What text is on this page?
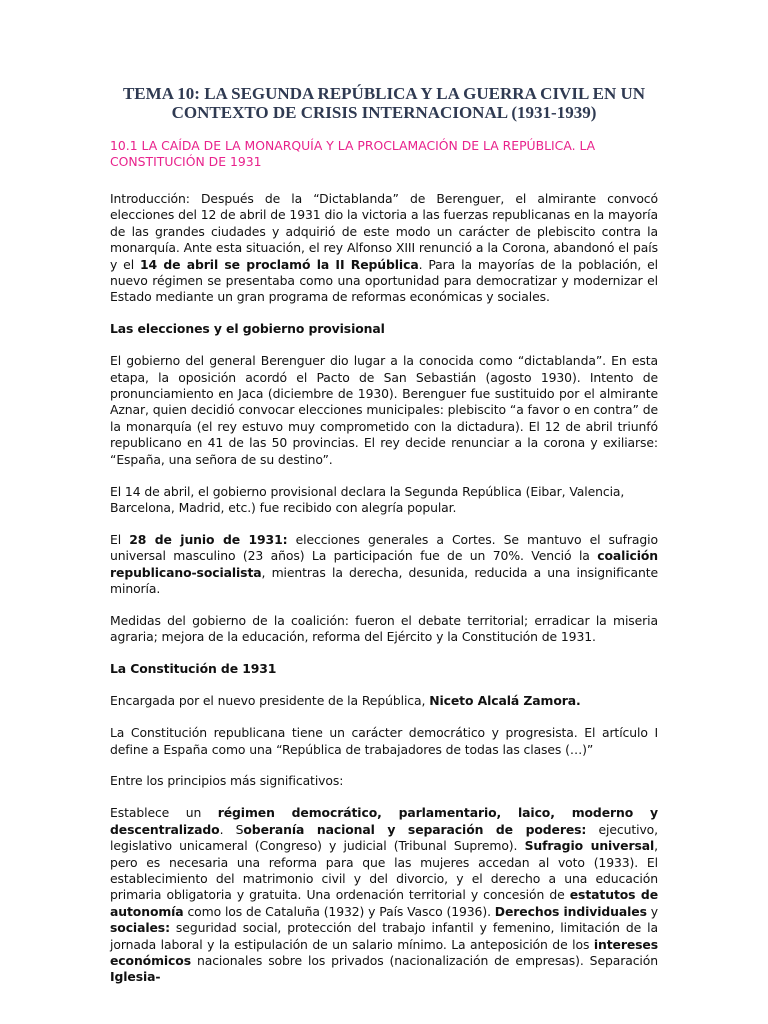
TEMA 10: LA SEGUNDA REPÚBLICA Y LA GUERRA CIVIL EN UN
CONTEXTO DE CRISIS INTERNACIONAL (1931-1939)
10.1 LA CAÍDA DE LA MONARQUÍA Y LA PROCLAMACIÓN DE LA REPÚBLICA. LA
CONSTITUCIÓN DE 1931

Introducción: Después de la “Dictablanda” de Berenguer, el almirante convocó elecciones del 12 de abril de 1931 dio la victoria a las fuerzas republicanas en la mayoría de las grandes ciudades y adquirió de este modo un carácter de plebiscito contra la monarquía. Ante esta situación, el rey Alfonso XIII renunció a la Corona, abandonó el país y el 14 de abril se proclamó la II República. Para la mayorías de la población, el nuevo régimen se presentaba como una oportunidad para democratizar y modernizar el Estado mediante un gran programa de reformas económicas y sociales.

Las elecciones y el gobierno provisional

El gobierno del general Berenguer dio lugar a la conocida como “dictablanda”. En esta etapa, la oposición acordó el Pacto de San Sebastián (agosto 1930). Intento de pronunciamiento en Jaca (diciembre de 1930). Berenguer fue sustituido por el almirante Aznar, quien decidió convocar elecciones municipales: plebiscito “a favor o en contra” de la monarquía (el rey estuvo muy comprometido con la dictadura). El 12 de abril triunfó republicano en 41 de las 50 provincias. El rey decide renunciar a la corona y exiliarse: “España, una señora de su destino”.

El 14 de abril, el gobierno provisional declara la Segunda República (Eibar, Valencia, Barcelona, Madrid, etc.) fue recibido con alegría popular.

El 28 de junio de 1931: elecciones generales a Cortes. Se mantuvo el sufragio universal masculino (23 años) La participación fue de un 70%. Venció la coalición republicano-socialista, mientras la derecha, desunida, reducida a una insignificante minoría.

Medidas del gobierno de la coalición: fueron el debate territorial; erradicar la miseria agraria; mejora de la educación, reforma del Ejército y la Constitución de 1931.

La Constitución de 1931

Encargada por el nuevo presidente de la República, Niceto Alcalá Zamora.

La Constitución republicana tiene un carácter democrático y progresista. El artículo I define a España como una “República de trabajadores de todas las clases (…)”

Entre los principios más significativos:

Establece un régimen democrático, parlamentario, laico, moderno y descentralizado. Soberanía nacional y separación de poderes: ejecutivo, legislativo unicameral (Congreso) y judicial (Tribunal Supremo). Sufragio universal, pero es necesaria una reforma para que las mujeres accedan al voto (1933). El establecimiento del matrimonio civil y del divorcio, y el derecho a una educación primaria obligatoria y gratuita. Una ordenación territorial y concesión de estatutos de autonomía como los de Cataluña (1932) y País Vasco (1936). Derechos individuales y sociales: seguridad social, protección del trabajo infantil y femenino, limitación de la jornada laboral y la estipulación de un salario mínimo. La anteposición de los intereses económicos nacionales sobre los privados (nacionalización de empresas). Separación Iglesia-
